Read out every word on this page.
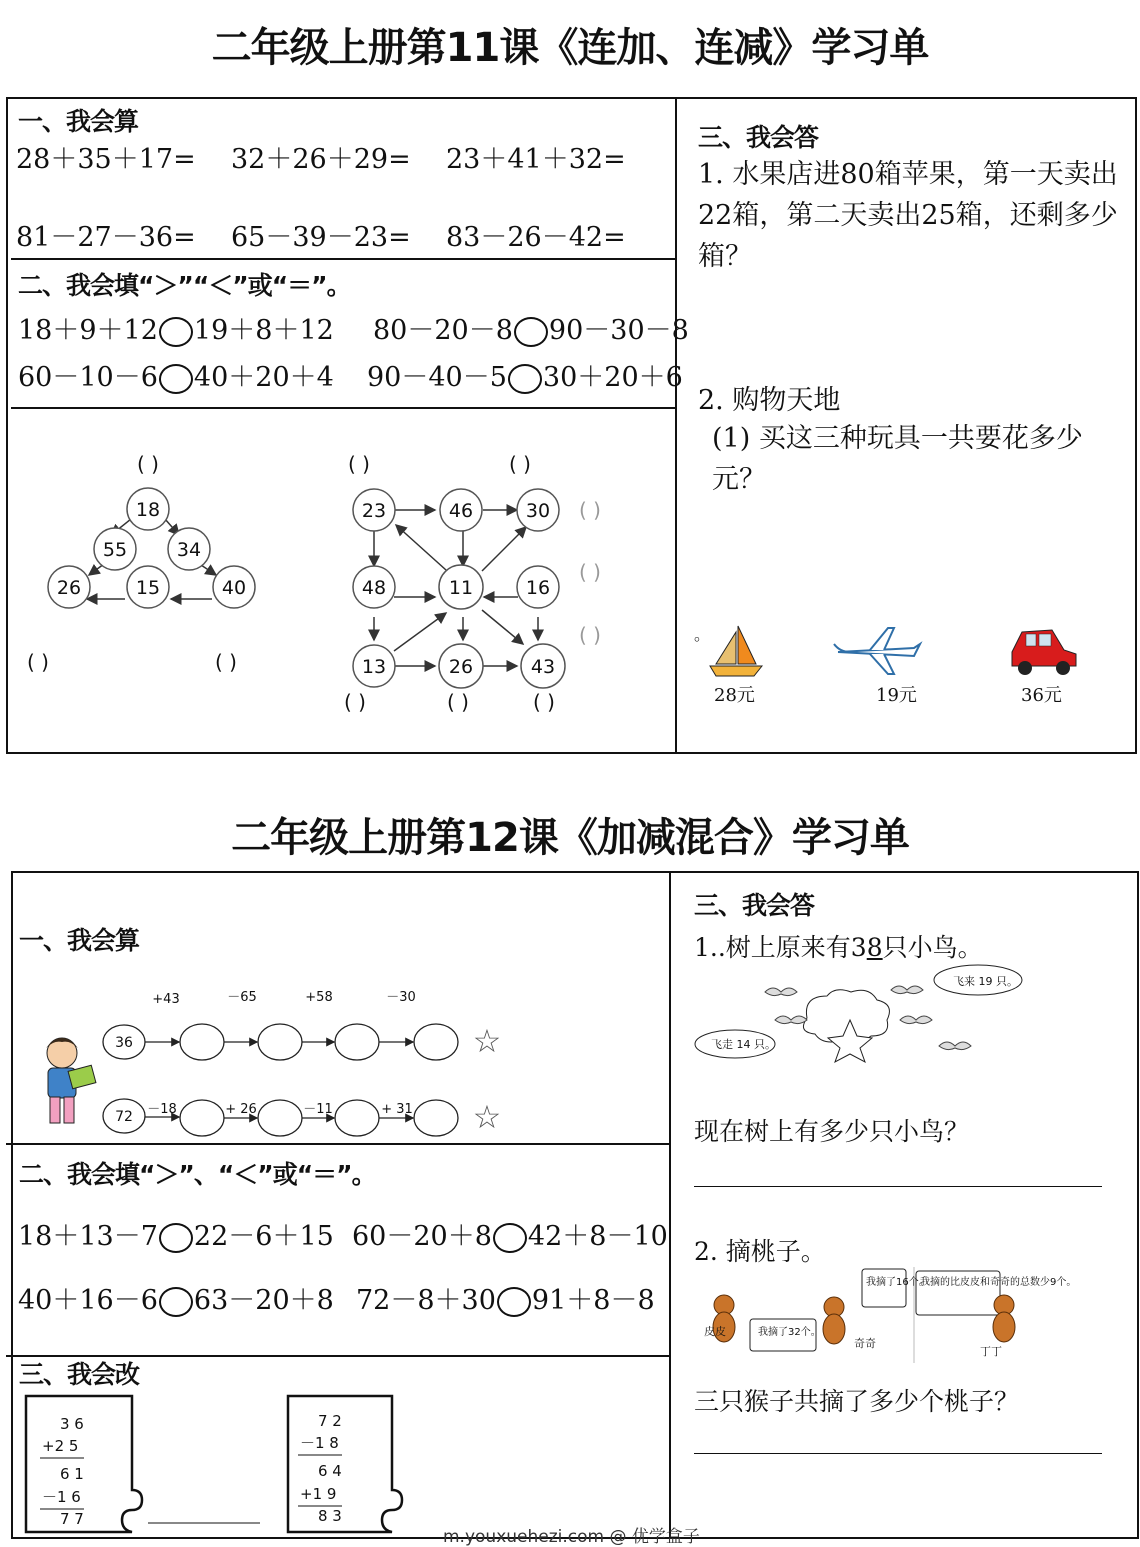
二年级上册第11课《连加、连减》学习单
一、我会算
28＋35＋17= 32＋26＋29= 23＋41＋32=
81－27－36= 65－39－23= 83－26－42=
二、我会填“＞”“＜”或“＝”。
18＋9＋12 19＋8＋12 80－20－8 90－30－8
60－10－6 40＋20＋4 90－40－5 30＋20＋6
( )	( )	( )
( )	( )
( )	( )	( )
( )
( )
( )
18
55	34
26	15	40
23	46	30
48	11	16
13	26	43
三、我会答
1. 水果店进80箱苹果，第一天卖出22箱，第二天卖出25箱，还剩多少箱？
2. 购物天地
(1) 买这三种玩具一共要花多少元？
。
28元	19元	36元
二年级上册第12课《加减混合》学习单
一、我会算
+43	－65	+58	－30
36
72 －18	+ 26	－11	+ 31
☆
☆
二、我会填“＞”、“＜”或“＝”。
18＋13－7 22－6＋15 60－20＋8 42＋8－10
40＋16－6 63－20＋8 72－8＋30 91＋8－8
三、我会改
3 6
+2 5
6 1
－1 6
7 7
7 2
－1 8
6 4
+1 9
8 3
三、我会答
1..树上原来有38只小鸟。
飞来 19 只。
飞走 14 只。
现在树上有多少只小鸟？
2. 摘桃子。
我摘了32个。
我摘了16个。
我摘的比皮皮和奇奇的总数少9个。
皮皮
奇奇
丁丁
三只猴子共摘了多少个桃子？
m.youxuehezi.com @ 优学盒子
